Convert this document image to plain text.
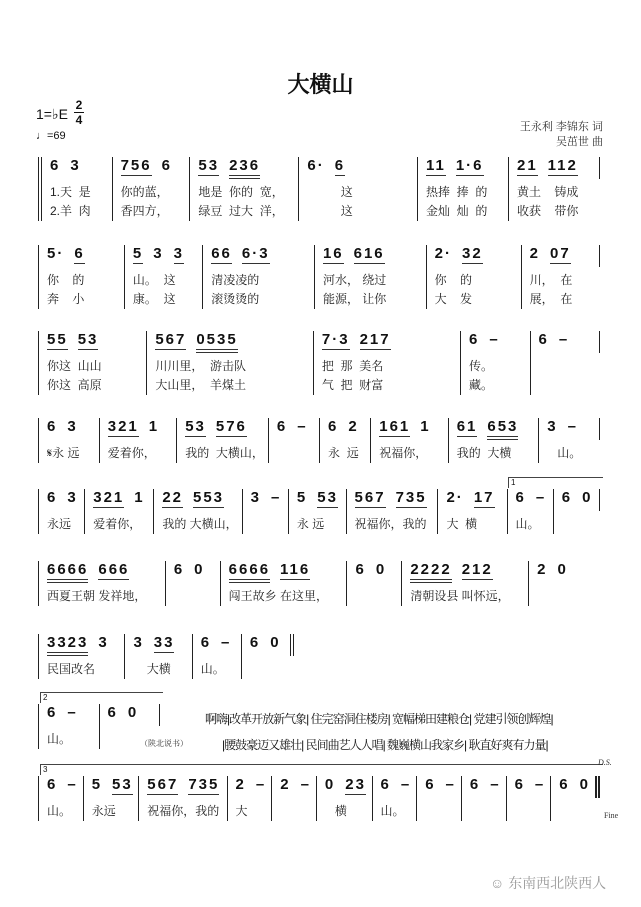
大横山
1=♭E
2
4
♩=69
王永利 李锦东 词
吴茁世 曲
6 3
1.天  是
2.羊  肉
756 6
你的蓝，
香四方，
53 236
地是  你的  宽，
绿豆  过大  洋，
6· 6
这
这
11 1·6
热捧  捧  的
金灿  灿  的
21 112
黄土    铸成
收获    带你
5· 6
你    的
奔    小
5 3 3
山。  这
康。  这
66 6·3
清凌凌的
滚烫烫的
16 616
河水， 绕过
能源， 让你
2· 32
你    的
大    发
2 07
川，  在
展，  在
55 53
你这  山山
你这  高原
567 0535
川川里，  游击队
大山里，  羊煤土
7·3 217
把  那  美名
气  把  财富
6 –
传。
藏。
6 –
6 3
𝄋永 远
321 1
爱着你，
53 576
我的  大横山，
6 – 6 2
永  远
161 1
祝福你，
61 653
我的  大横
3 –
山。
6 3
永远
321 1
爱着你，
22 553
我的 大横山，
3 – 5 53
永 远
567 735
祝福你，我的
2· 17
大  横
6 –
山。
6 0
6666 666
西夏王朝 发祥地，
6 0 6666 116
闯王故乡 在这里，
6 0 2222 212
清朝设县 叫怀远，
2 0
3323 3
民国改名
3 33
大横
6 –
山。
6 0
6 –
山。
6 0
6 –
山。
5 53
永远
567 735
祝福你，我的
2 –
大
2 – 0 23
横
6 –
山。
6 – 6 – 6 – 6 0
1
2
3
（陕北说书）
啊嗨|改革开放新气象| 住完窑洞住楼房| 宽幅梯田建粮仓| 党建引领创辉煌|
|腰鼓豪迈又雄壮| 民间曲艺人人唱| 魏巍横山我家乡| 耿直好爽有力量|
D.S.
Fine
☺ 东南西北陕西人
